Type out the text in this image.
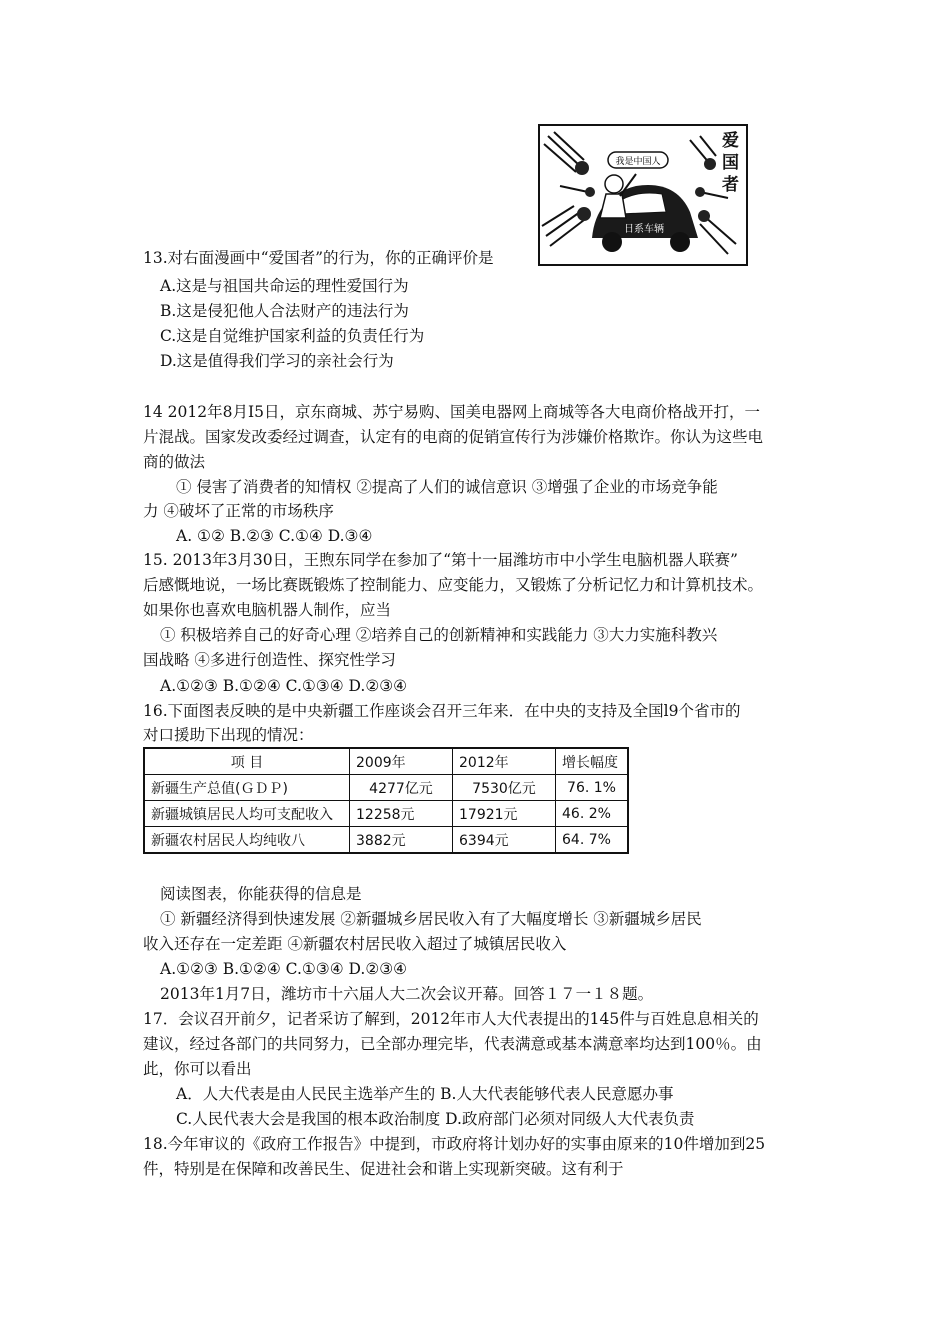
我是中国人
日系车辆
爱国者
13.对右面漫画中“爱国者”的行为，你的正确评价是
A.这是与祖国共命运的理性爱国行为
B.这是侵犯他人合法财产的违法行为
C.这是自觉维护国家利益的负责任行为
D.这是值得我们学习的亲社会行为
14 2012年8月I5日，京东商城、苏宁易购、国美电器网上商城等各大电商价格战开打，一
片混战。国家发改委经过调查，认定有的电商的促销宣传行为涉嫌价格欺诈。你认为这些电
商的做法
① 侵害了消费者的知情权 ②提高了人们的诚信意识 ③增强了企业的市场竞争能
力 ④破坏了正常的市场秩序
A. ①② B.②③ C.①④ D.③④
15. 2013年3月30日，王煦东同学在参加了“第十一届潍坊市中小学生电脑机器人联赛”
后感慨地说，一场比赛既锻炼了控制能力、应变能力，又锻炼了分析记忆力和计算机技术。
如果你也喜欢电脑机器人制作，应当
① 积极培养自己的好奇心理 ②培养自己的创新精神和实践能力 ③大力实施科教兴
国战略 ④多进行创造性、探究性学习
A.①②③ B.①②④ C.①③④ D.②③④
16.下面图表反映的是中央新疆工作座谈会召开三年来．在中央的支持及全国l9个省市的
对口援助下出现的情况：
项 目	2009年	2012年	增长幅度
新疆生产总值(ＧＤＰ)	4277亿元	7530亿元	76. 1%
新疆城镇居民人均可支配收入	12258元	17921元	46. 2%
新疆农村居民人均纯收八	3882元	6394元	64. 7%
阅读图表，你能获得的信息是
① 新疆经济得到快速发展 ②新疆城乡居民收入有了大幅度增长 ③新疆城乡居民
收入还存在一定差距 ④新疆农村居民收入超过了城镇居民收入
A.①②③ B.①②④ C.①③④ D.②③④
2013年1月7日，潍坊市十六届人大二次会议开幕。回答１７一１８题。
17．会议召开前夕，记者采访了解到，2012年市人大代表提出的145件与百姓息息相关的
建议，经过各部门的共同努力，已全部办理完毕，代表满意或基本满意率均达到100％。由
此，你可以看出
A．人大代表是由人民民主选举产生的 B.人大代表能够代表人民意愿办事
C.人民代表大会是我国的根本政治制度 D.政府部门必须对同级人大代表负责
18.今年审议的《政府工作报告》中提到，市政府将计划办好的实事由原来的10件增加到25
件，特别是在保障和改善民生、促进社会和谐上实现新突破。这有利于
